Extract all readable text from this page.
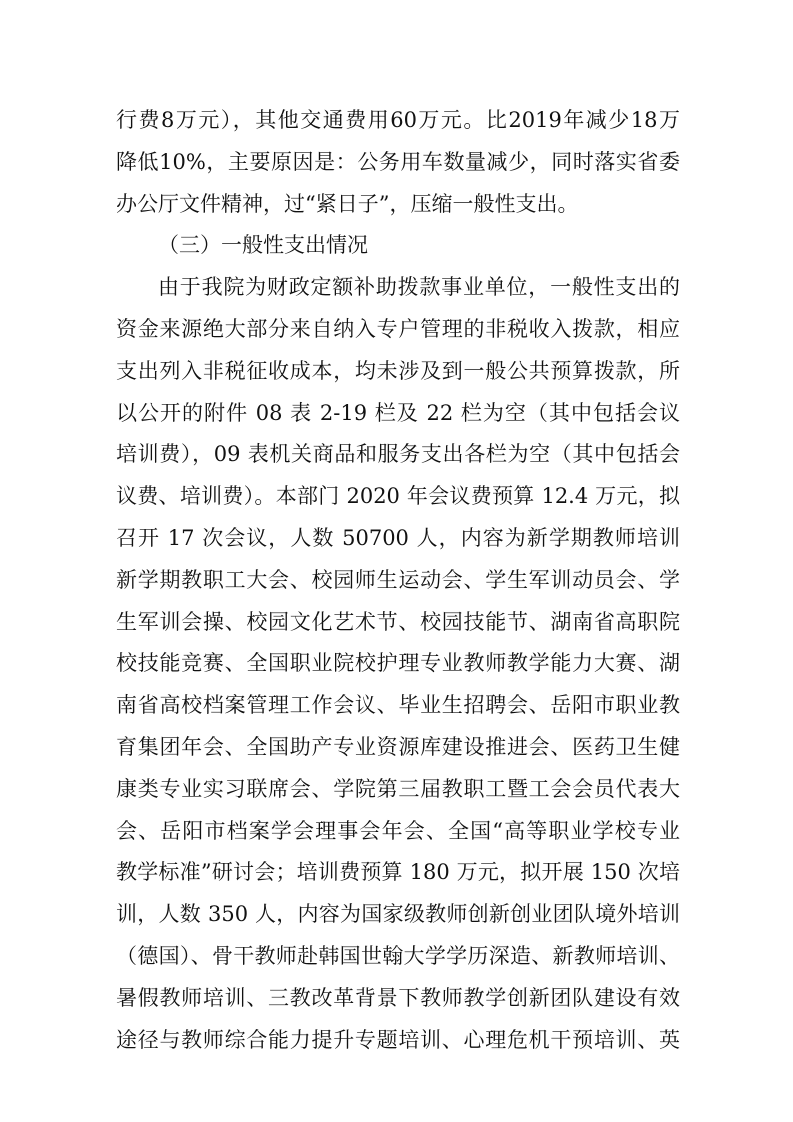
行费8万元），其他交通费用60万元。比2019年减少18万
降低10%，主要原因是：公务用车数量减少，同时落实省委
办公厅文件精神，过“紧日子”，压缩一般性支出。
（三）一般性支出情况
由于我院为财政定额补助拨款事业单位，一般性支出的
资金来源绝大部分来自纳入专户管理的非税收入拨款，相应
支出列入非税征收成本，均未涉及到一般公共预算拨款，所
以公开的附件 08 表 2-19 栏及 22 栏为空（其中包括会议
培训费），09 表机关商品和服务支出各栏为空（其中包括会
议费、培训费）。本部门 2020 年会议费预算 12.4 万元，拟
召开 17 次会议，人数 50700 人，内容为新学期教师培训
新学期教职工大会、校园师生运动会、学生军训动员会、学
生军训会操、校园文化艺术节、校园技能节、湖南省高职院
校技能竞赛、全国职业院校护理专业教师教学能力大赛、湖
南省高校档案管理工作会议、毕业生招聘会、岳阳市职业教
育集团年会、全国助产专业资源库建设推进会、医药卫生健
康类专业实习联席会、学院第三届教职工暨工会会员代表大
会、岳阳市档案学会理事会年会、全国“高等职业学校专业
教学标准”研讨会；培训费预算 180 万元，拟开展 150 次培
训，人数 350 人，内容为国家级教师创新创业团队境外培训
（德国）、骨干教师赴韩国世翰大学学历深造、新教师培训、
暑假教师培训、三教改革背景下教师教学创新团队建设有效
途径与教师综合能力提升专题培训、心理危机干预培训、英
